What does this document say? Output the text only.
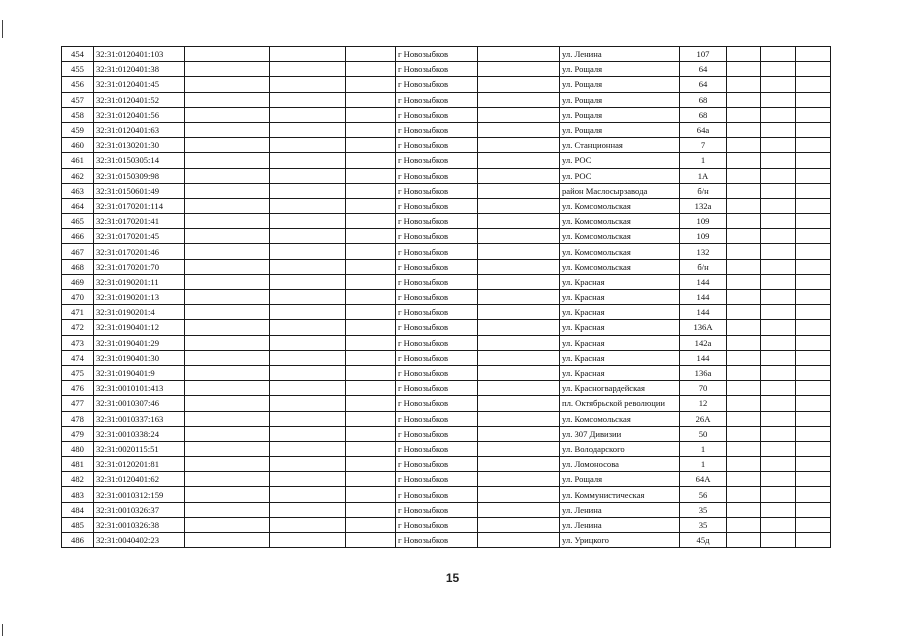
454	32:31:0120401:103				г Новозыбков		ул. Ленина	107			
455	32:31:0120401:38				г Новозыбков		ул. Рощаля	64			
456	32:31:0120401:45				г Новозыбков		ул. Рощаля	64			
457	32:31:0120401:52				г Новозыбков		ул. Рощаля	68			
458	32:31:0120401:56				г Новозыбков		ул. Рощаля	68			
459	32:31:0120401:63				г Новозыбков		ул. Рощаля	64а			
460	32:31:0130201:30				г Новозыбков		ул. Станционная	7			
461	32:31:0150305:14				г Новозыбков		ул. РОС	1			
462	32:31:0150309:98				г Новозыбков		ул. РОС	1А			
463	32:31:0150601:49				г Новозыбков		район Маслосырзавода	б/н			
464	32:31:0170201:114				г Новозыбков		ул. Комсомольская	132а			
465	32:31:0170201:41				г Новозыбков		ул. Комсомольская	109			
466	32:31:0170201:45				г Новозыбков		ул. Комсомольская	109			
467	32:31:0170201:46				г Новозыбков		ул. Комсомольская	132			
468	32:31:0170201:70				г Новозыбков		ул. Комсомольская	б/н			
469	32:31:0190201:11				г Новозыбков		ул. Красная	144			
470	32:31:0190201:13				г Новозыбков		ул. Красная	144			
471	32:31:0190201:4				г Новозыбков		ул. Красная	144			
472	32:31:0190401:12				г Новозыбков		ул. Красная	136А			
473	32:31:0190401:29				г Новозыбков		ул. Красная	142а			
474	32:31:0190401:30				г Новозыбков		ул. Красная	144			
475	32:31:0190401:9				г Новозыбков		ул. Красная	136а			
476	32:31:0010101:413				г Новозыбков		ул. Красногвардейская	70			
477	32:31:0010307:46				г Новозыбков		пл. Октябрьской революции	12			
478	32:31:0010337:163				г Новозыбков		ул. Комсомольская	26А			
479	32:31:0010338:24				г Новозыбков		ул. 307 Дивизии	50			
480	32:31:0020115:51				г Новозыбков		ул. Володарского	1			
481	32:31:0120201:81				г Новозыбков		ул. Ломоносова	1			
482	32:31:0120401:62				г Новозыбков		ул. Рощаля	64А			
483	32:31:0010312:159				г Новозыбков		ул. Коммунистическая	56			
484	32:31:0010326:37				г Новозыбков		ул. Ленина	35			
485	32:31:0010326:38				г Новозыбков		ул. Ленина	35			
486	32:31:0040402:23				г Новозыбков		ул. Урицкого	45д			
15
